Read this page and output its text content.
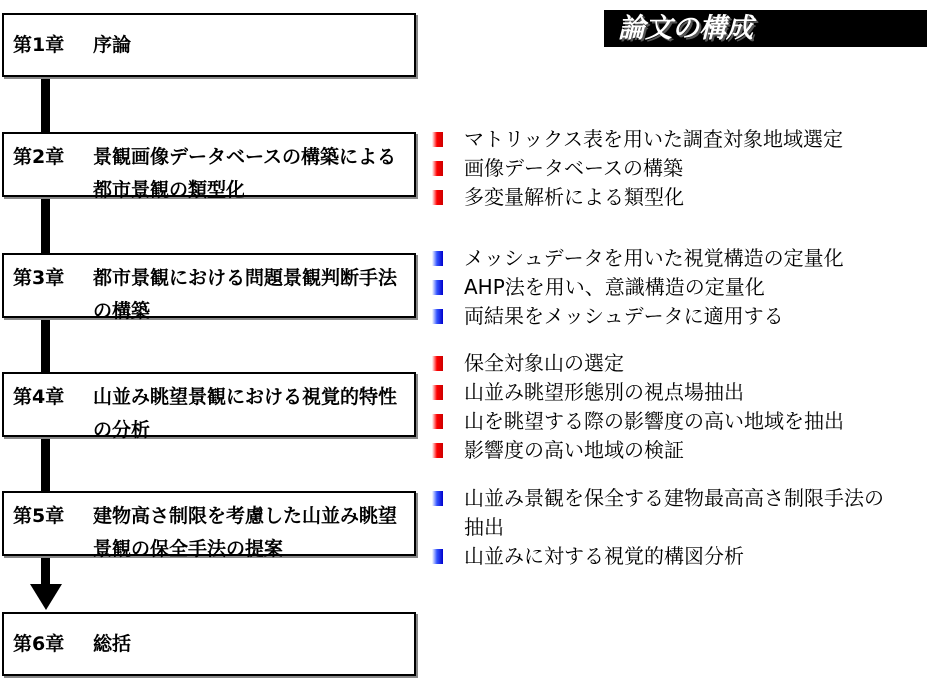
論文の構成
第1章 序論
第2章 景観画像データベースの構築による都市景観の類型化
第3章 都市景観における問題景観判断手法の構築
第4章 山並み眺望景観における視覚的特性の分析
第5章 建物高さ制限を考慮した山並み眺望景観の保全手法の提案
第6章 総括
マトリックス表を用いた調査対象地域選定
画像データベースの構築
多変量解析による類型化
メッシュデータを用いた視覚構造の定量化
AHP法を用い、意識構造の定量化
両結果をメッシュデータに適用する
保全対象山の選定
山並み眺望形態別の視点場抽出
山を眺望する際の影響度の高い地域を抽出
影響度の高い地域の検証
山並み景観を保全する建物最高高さ制限手法の抽出
山並みに対する視覚的構図分析
